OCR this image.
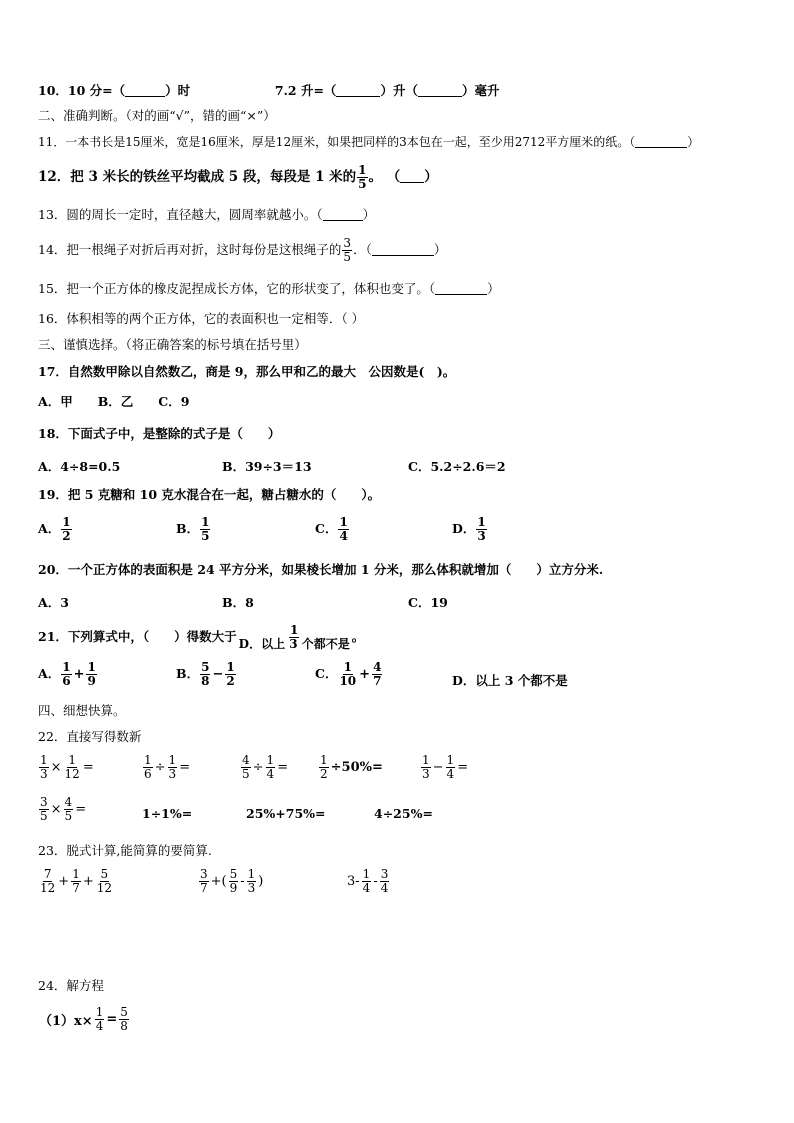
10．10 分=（	）时	7.2 升=（	）升（	）毫升
二、准确判断。（对的画“√”，错的画“×”）
11．一本书长是15厘米，宽是16厘米，厚是12厘米，如果把同样的3本包在一起，至少用2712平方厘米的纸。（	）
12．把 3 米长的铁丝平均截成 5 段，每段是 1 米的 $\frac{1}{5}$ 。 （ ）
13．圆的周长一定时，直径越大，圆周率就越小。（	）
14．把一根绳子对折后再对折，这时每份是这根绳子的 $\frac{3}{5}$ ．（	）
15．把一个正方体的橡皮泥捏成长方体，它的形状变了，体积也变了。（	）
16．体积相等的两个正方体，它的表面积也一定相等．（ ）
三、谨慎选择。（将正确答案的标号填在括号里）
17．自然数甲除以自然数乙，商是 9，那么甲和乙的最大　公因数是(　)。
A．甲　　B．乙　　C．9
18．下面式子中，是整除的式子是（　　）
A．4÷8=0.5	B．39÷3＝13	C．5.2÷2.6＝2
19．把 5 克糖和 10 克水混合在一起，糖占糖水的（　　）。
A． $\frac{1}{2}$	B． $\frac{1}{5}$	C． $\frac{1}{4}$	D． $\frac{1}{3}$
20．一个正方体的表面积是 24 平方分米，如果棱长增加 1 分米，那么体积就增加（　　）立方分米.
A．3	B．8	C．19
21．下列算式中，（　　）得数大于 $\frac{1}{\text{D．以上 3 个都不是}}$ 。
A． $\frac{1}{6} + \frac{1}{9}$	B． $\frac{5}{8} - \frac{1}{2}$	C． $\frac{1}{10} + \frac{4}{7}$	D．以上 3 个都不是
四、细想快算。
22．直接写得数新
$\frac{1}{3} \times \frac{1}{12}$ =	$\frac{1}{6} \div \frac{1}{3}$ =	$\frac{4}{5} \div \frac{1}{4}$ =	$\frac{1}{2} \div 50\%=$	$\frac{1}{3} - \frac{1}{4}$ =
$\frac{3}{5} \times \frac{4}{5}$ =	1÷1%=	25%+75%=	4÷25%=
23．脱式计算,能简算的要简算.
$\frac{7}{12} + \frac{1}{7} + \frac{5}{12}$	$\frac{3}{7}$ +( $\frac{5}{9} - \frac{1}{3}$ )	$3- \frac{1}{4} - \frac{3}{4}$
24．解方程
$(1)x\times \frac{1}{4} = \frac{5}{8}$
